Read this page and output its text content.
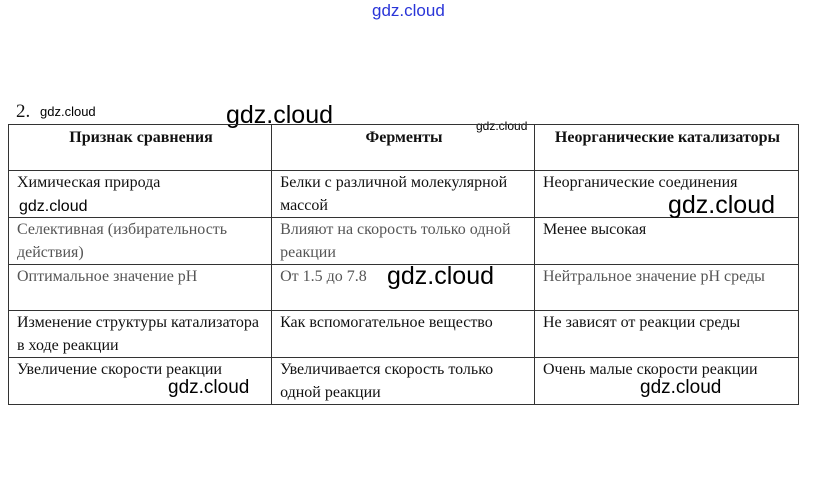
gdz.cloud
2. gdz.cloud	gdz.cloud	gdz.cloud
Признак сравнения	Ферменты	Неорганические катализаторы
Химическая природа	Белки с различной молекулярной массой	Неорганические соединения
Селективная (избирательность действия)	Влияют на скорость только одной реакции	Менее высокая
Оптимальное значение pH	От 1.5 до 7.8	Нейтральное значение pH среды
Изменение структуры катализатора в ходе реакции	Как вспомогательное вещество	Не зависят от реакции среды
Увеличение скорости реакции	Увеличивается скорость только одной реакции	Очень малые скорости реакции
gdz.cloud	gdz.cloud
gdz.cloud
gdz.cloud	gdz.cloud
